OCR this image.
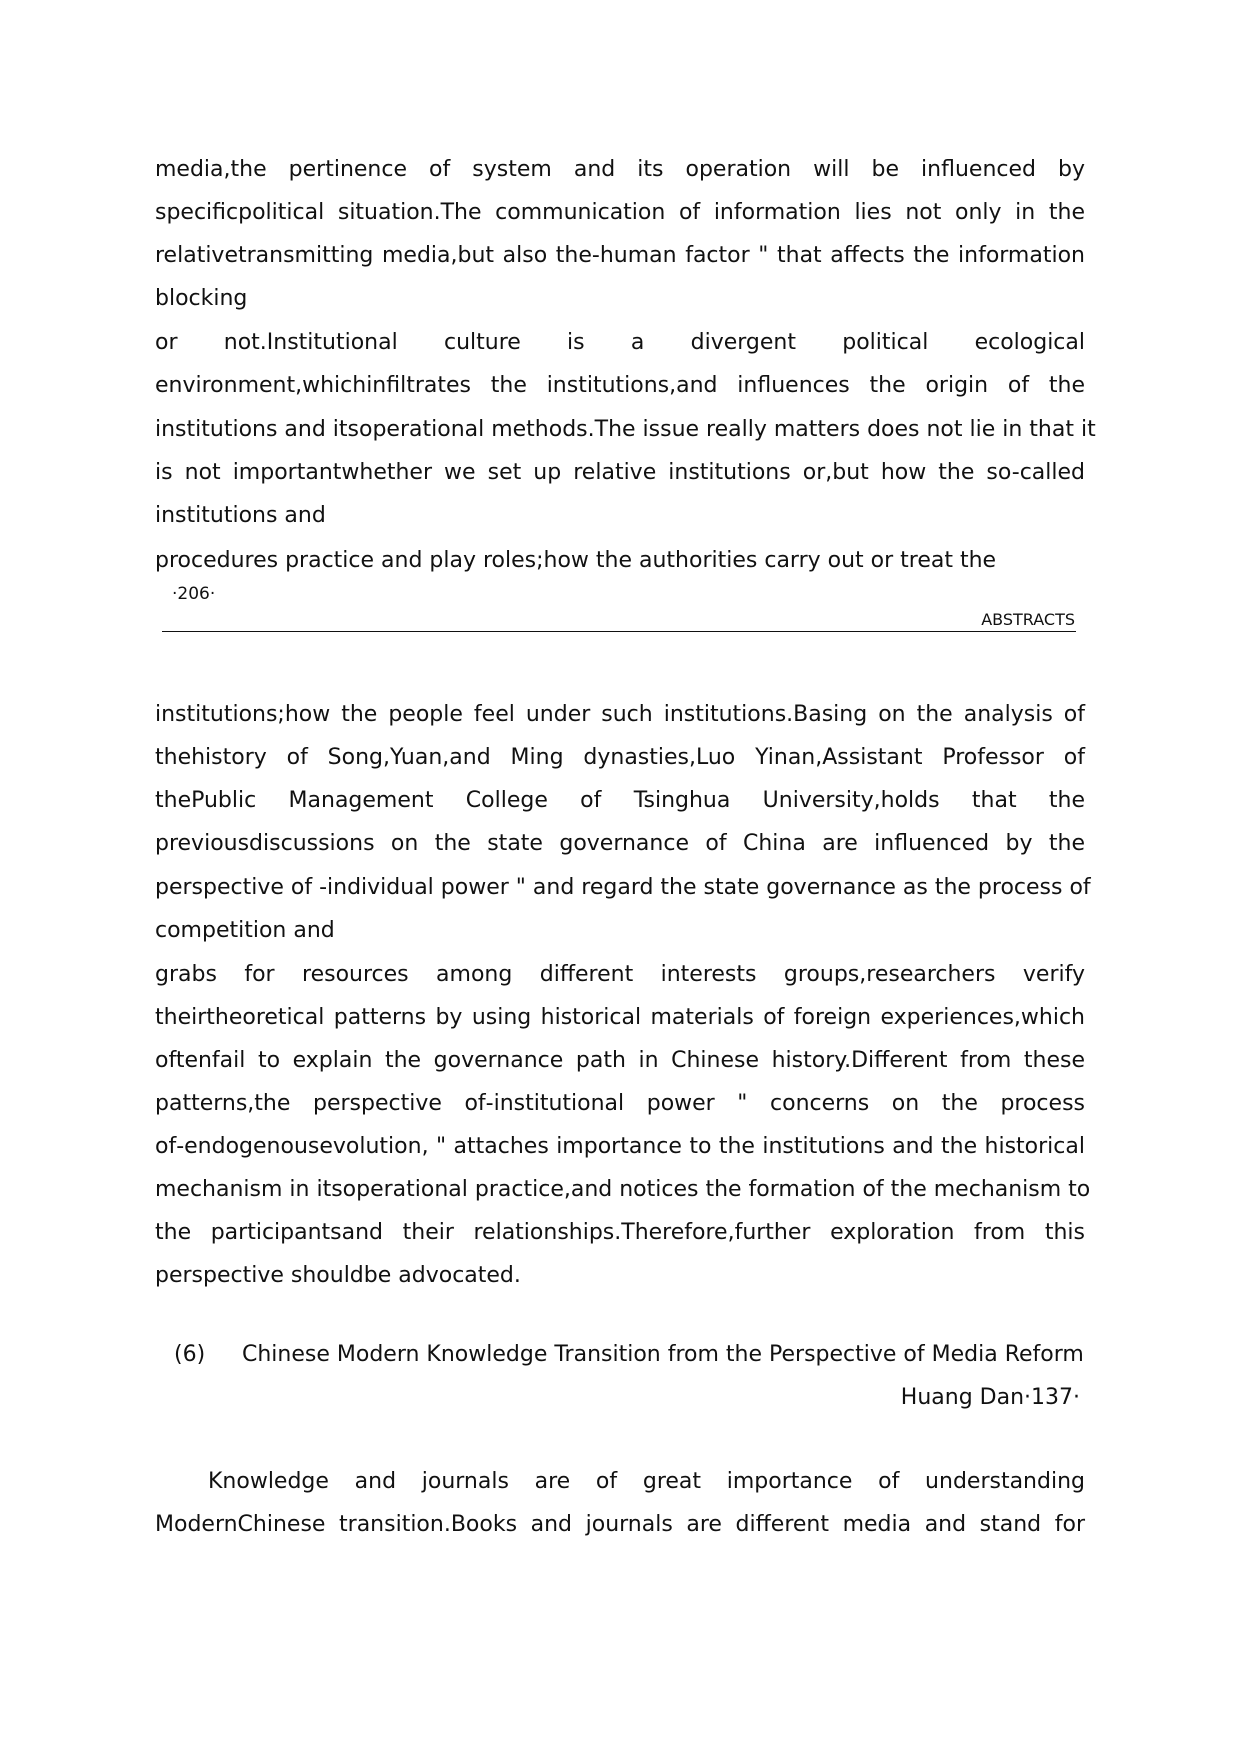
media,the pertinence of system and its operation will be influenced by
specificpolitical situation.The communication of information lies not only in the
relativetransmitting media,but also the‐human factor " that affects the information
blocking
or not.Institutional culture is a divergent political ecological
environment,whichinfiltrates the institutions,and influences the origin of the
institutions and itsoperational methods.The issue really matters does not lie in that it
is not importantwhether we set up relative institutions or,but how the so-called
institutions and
procedures practice and play roles;how the authorities carry out or treat the
·206·
ABSTRACTS
institutions;how the people feel under such institutions.Basing on the analysis of
thehistory of Song,Yuan,and Ming dynasties,Luo Yinan,Assistant Professor of
thePublic Management College of Tsinghua University,holds that the
previousdiscussions on the state governance of China are influenced by the
perspective of ‐individual power " and regard the state governance as the process of
competition and
grabs for resources among different interests groups,researchers verify
theirtheoretical patterns by using historical materials of foreign experiences,which
oftenfail to explain the governance path in Chinese history.Different from these
patterns,the perspective of‐institutional power " concerns on the process
of‐endogenousevolution, " attaches importance to the institutions and the historical
mechanism in itsoperational practice,and notices the formation of the mechanism to
the participantsand their relationships.Therefore,further exploration from this
perspective shouldbe advocated.
(6)	Chinese Modern Knowledge Transition from the Perspective of Media Reform
Huang Dan·137·
Knowledge and journals are of great importance of understanding
ModernChinese transition.Books and journals are different media and stand for
